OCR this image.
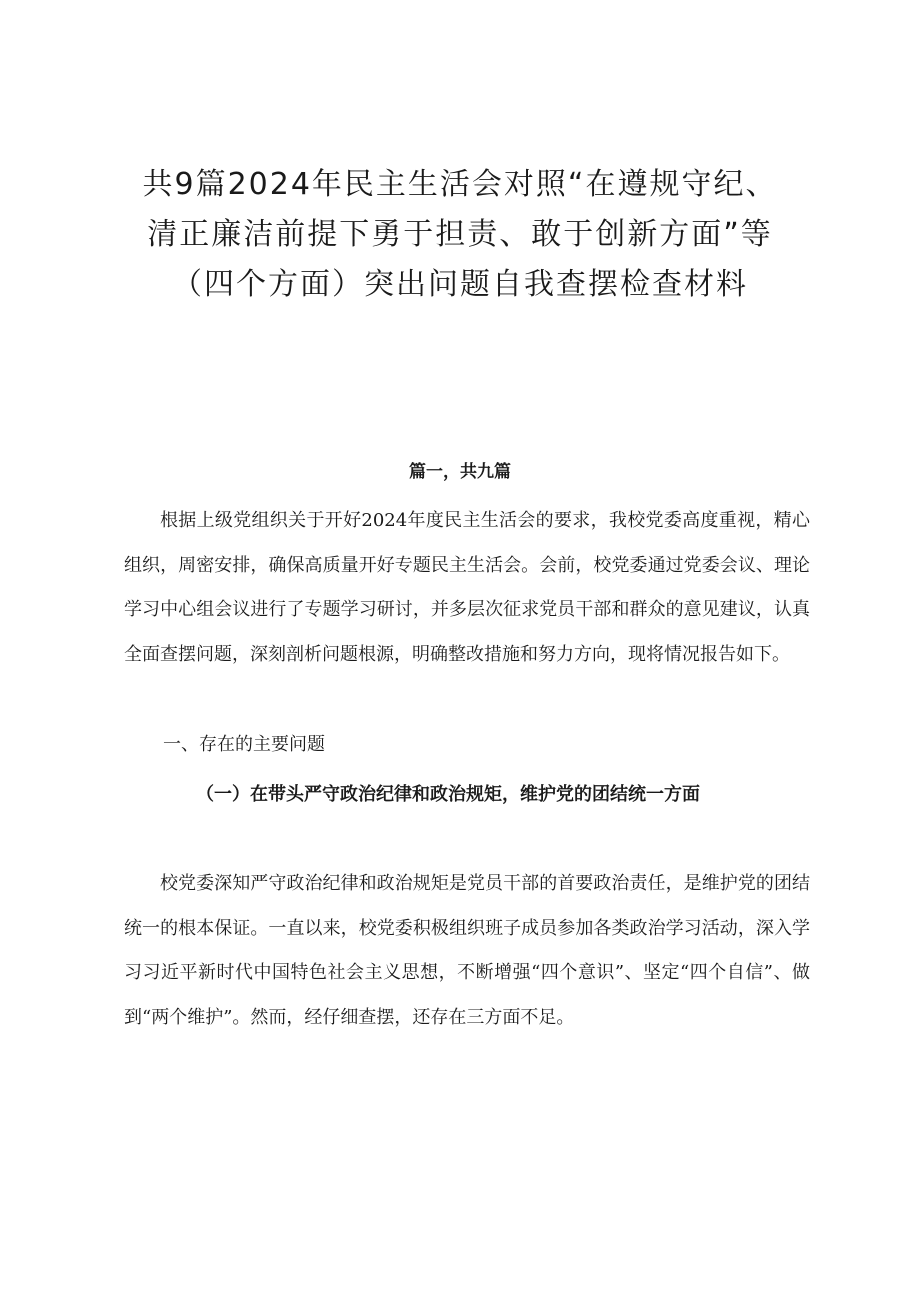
共9篇2024年民主生活会对照“在遵规守纪、清正廉洁前提下勇于担责、敢于创新方面”等（四个方面）突出问题自我查摆检查材料

篇一，共九篇

根据上级党组织关于开好2024年度民主生活会的要求，我校党委高度重视，精心组织，周密安排，确保高质量开好专题民主生活会。会前，校党委通过党委会议、理论学习中心组会议进行了专题学习研讨，并多层次征求党员干部和群众的意见建议，认真全面查摆问题，深刻剖析问题根源，明确整改措施和努力方向，现将情况报告如下。

一、存在的主要问题

（一）在带头严守政治纪律和政治规矩，维护党的团结统一方面

校党委深知严守政治纪律和政治规矩是党员干部的首要政治责任，是维护党的团结统一的根本保证。一直以来，校党委积极组织班子成员参加各类政治学习活动，深入学习习近平新时代中国特色社会主义思想，不断增强“四个意识”、坚定“四个自信”、做到“两个维护”。然而，经仔细查摆，还存在三方面不足。
